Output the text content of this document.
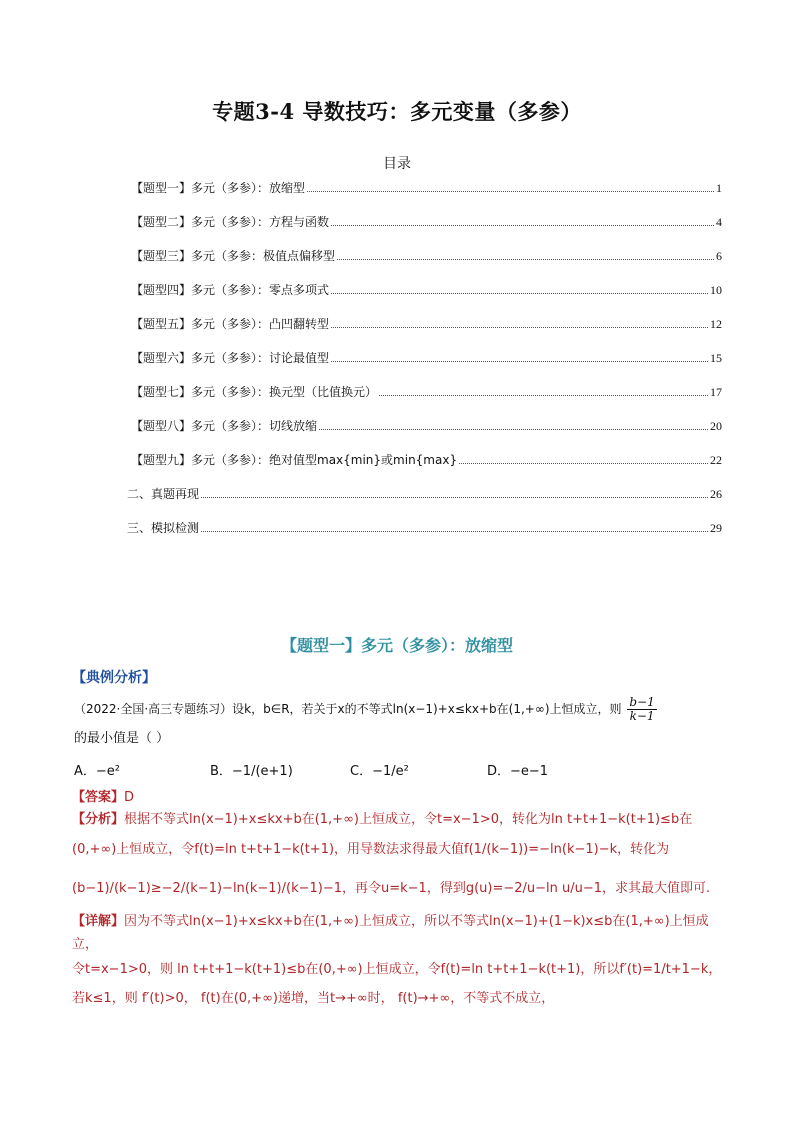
专题3-4 导数技巧：多元变量（多参）
目录
【题型一】多元（多参）：放缩型	1
【题型二】多元（多参）：方程与函数	4
【题型三】多元（多参：极值点偏移型	6
【题型四】多元（多参）：零点多项式	10
【题型五】多元（多参）：凸凹翻转型	12
【题型六】多元（多参）：讨论最值型	15
【题型七】多元（多参）：换元型（比值换元）	17
【题型八】多元（多参）：切线放缩	20
【题型九】多元（多参）：绝对值型max{min}或min{max}	22
二、真题再现	26
三、模拟检测	29
【题型一】多元（多参）：放缩型
【典例分析】
（2022·全国·高三专题练习）设k，b∈R，若关于x的不等式ln(x−1)+x≤kx+b在(1,+∞)上恒成立，则 $\frac{b-1}{k-1}$
的最小值是（ ）
A．−e²	B．−1/(e+1)	C．−1/e²	D．−e−1
【答案】D
【分析】根据不等式ln(x−1)+x≤kx+b在(1,+∞)上恒成立，令t=x−1>0，转化为ln t+t+1−k(t+1)≤b在
(0,+∞)上恒成立，令f(t)=ln t+t+1−k(t+1)，用导数法求得最大值f(1/(k−1))=−ln(k−1)−k，转化为
(b−1)/(k−1)≥−2/(k−1)−ln(k−1)/(k−1)−1，再令u=k−1，得到g(u)=−2/u−ln u/u−1，求其最大值即可.
【详解】因为不等式ln(x−1)+x≤kx+b在(1,+∞)上恒成立，所以不等式ln(x−1)+(1−k)x≤b在(1,+∞)上恒成
立，
令t=x−1>0，则 ln t+t+1−k(t+1)≤b在(0,+∞)上恒成立，令f(t)=ln t+t+1−k(t+1)，所以f′(t)=1/t+1−k，
若k≤1，则 f′(t)>0， f(t)在(0,+∞)递增，当t→+∞时， f(t)→+∞，不等式不成立，
